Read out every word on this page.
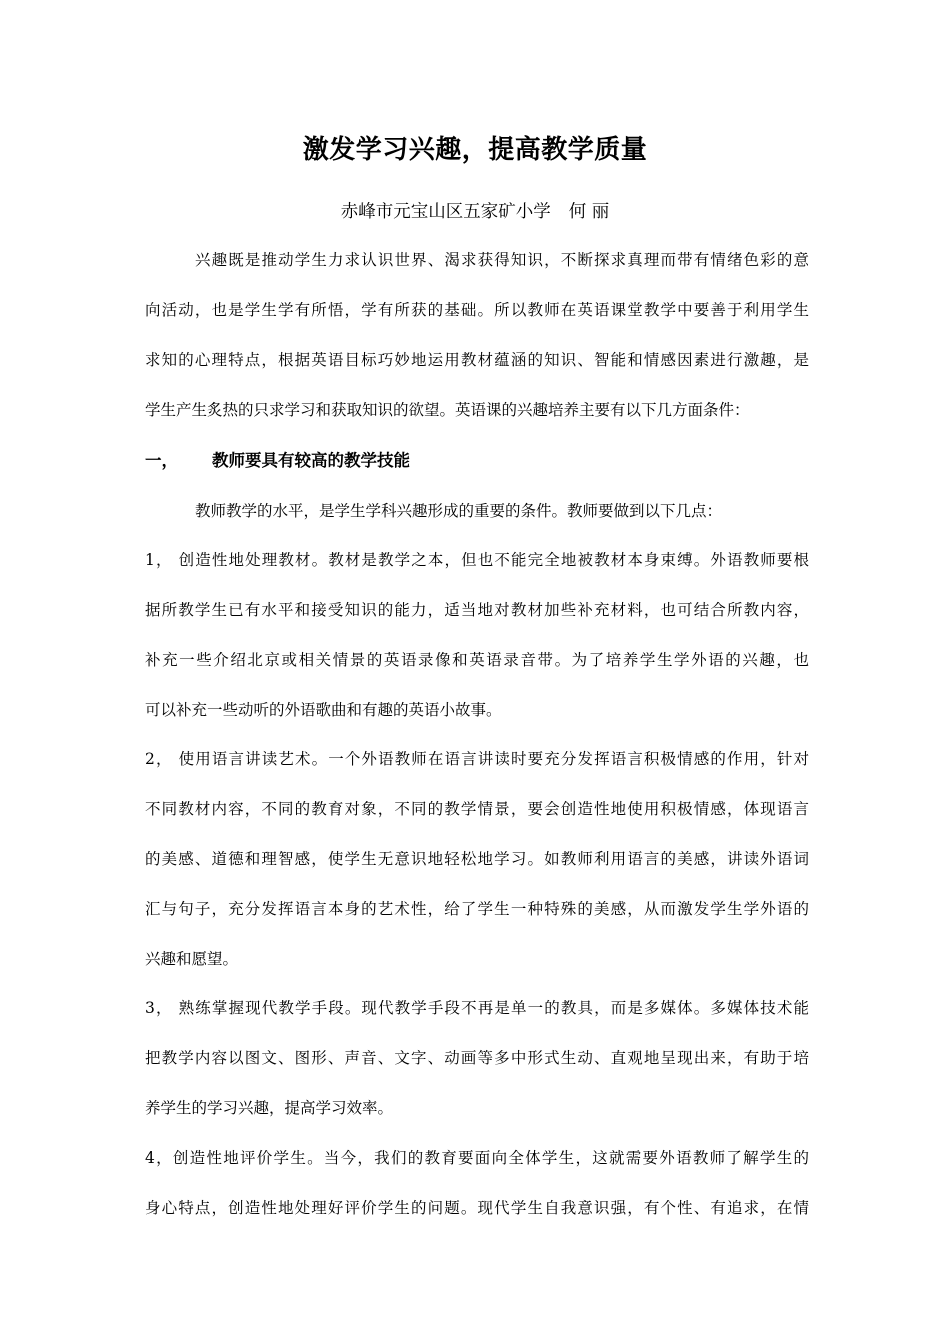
激发学习兴趣，提高教学质量
赤峰市元宝山区五家矿小学 何 丽
兴趣既是推动学生力求认识世界、渴求获得知识，不断探求真理而带有情绪色彩的意
向活动，也是学生学有所悟，学有所获的基础。所以教师在英语课堂教学中要善于利用学生
求知的心理特点，根据英语目标巧妙地运用教材蕴涵的知识、智能和情感因素进行激趣，是
学生产生炙热的只求学习和获取知识的欲望。英语课的兴趣培养主要有以下几方面条件：
一， 教师要具有较高的教学技能
教师教学的水平，是学生学科兴趣形成的重要的条件。教师要做到以下几点：
1， 创造性地处理教材。教材是教学之本，但也不能完全地被教材本身束缚。外语教师要根
据所教学生已有水平和接受知识的能力，适当地对教材加些补充材料，也可结合所教内容，
补充一些介绍北京或相关情景的英语录像和英语录音带。为了培养学生学外语的兴趣，也
可以补充一些动听的外语歌曲和有趣的英语小故事。
2， 使用语言讲读艺术。一个外语教师在语言讲读时要充分发挥语言积极情感的作用，针对
不同教材内容，不同的教育对象，不同的教学情景，要会创造性地使用积极情感，体现语言
的美感、道德和理智感，使学生无意识地轻松地学习。如教师利用语言的美感，讲读外语词
汇与句子，充分发挥语言本身的艺术性，给了学生一种特殊的美感，从而激发学生学外语的
兴趣和愿望。
3， 熟练掌握现代教学手段。现代教学手段不再是单一的教具，而是多媒体。多媒体技术能
把教学内容以图文、图形、声音、文字、动画等多中形式生动、直观地呈现出来，有助于培
养学生的学习兴趣，提高学习效率。
4，创造性地评价学生。当今，我们的教育要面向全体学生，这就需要外语教师了解学生的
身心特点，创造性地处理好评价学生的问题。现代学生自我意识强，有个性、有追求，在情
